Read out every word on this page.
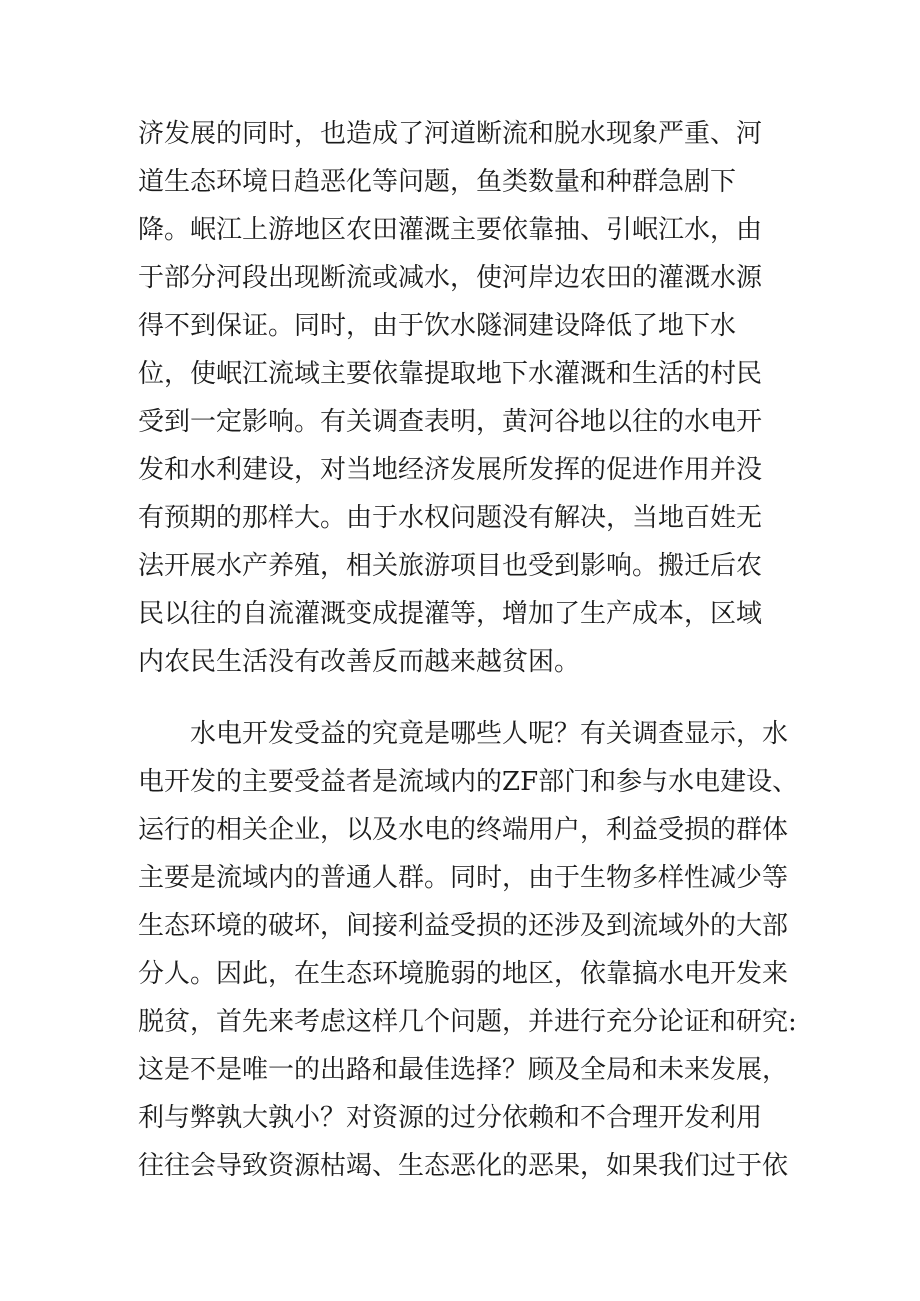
济发展的同时，也造成了河道断流和脱水现象严重、河
道生态环境日趋恶化等问题，鱼类数量和种群急剧下
降。岷江上游地区农田灌溉主要依靠抽、引岷江水，由
于部分河段出现断流或减水，使河岸边农田的灌溉水源
得不到保证。同时，由于饮水隧洞建设降低了地下水
位，使岷江流域主要依靠提取地下水灌溉和生活的村民
受到一定影响。有关调查表明，黄河谷地以往的水电开
发和水利建设，对当地经济发展所发挥的促进作用并没
有预期的那样大。由于水权问题没有解决，当地百姓无
法开展水产养殖，相关旅游项目也受到影响。搬迁后农
民以往的自流灌溉变成提灌等，增加了生产成本，区域
内农民生活没有改善反而越来越贫困。
　　水电开发受益的究竟是哪些人呢？有关调查显示，水
电开发的主要受益者是流域内的ZF部门和参与水电建设、
运行的相关企业，以及水电的终端用户，利益受损的群体
主要是流域内的普通人群。同时，由于生物多样性减少等
生态环境的破坏，间接利益受损的还涉及到流域外的大部
分人。因此，在生态环境脆弱的地区，依靠搞水电开发来
脱贫，首先来考虑这样几个问题，并进行充分论证和研究:
这是不是唯一的出路和最佳选择？顾及全局和未来发展，
利与弊孰大孰小？对资源的过分依赖和不合理开发利用
往往会导致资源枯竭、生态恶化的恶果，如果我们过于依
